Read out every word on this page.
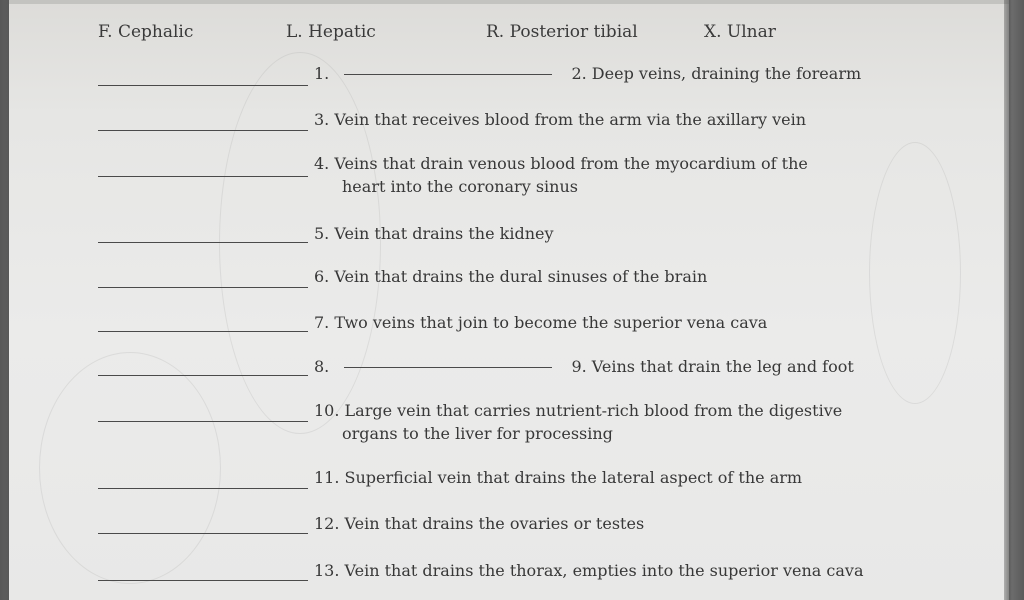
F. Cephalic	L. Hepatic	R. Posterior tibial	X. Ulnar
1.	2. Deep veins, draining the forearm
3. Vein that receives blood from the arm via the axillary vein
4. Veins that drain venous blood from the myocardium of the
heart into the coronary sinus
5. Vein that drains the kidney
6. Vein that drains the dural sinuses of the brain
7. Two veins that join to become the superior vena cava
8.	9. Veins that drain the leg and foot
10. Large vein that carries nutrient-rich blood from the digestive
organs to the liver for processing
11. Superficial vein that drains the lateral aspect of the arm
12. Vein that drains the ovaries or testes
13. Vein that drains the thorax, empties into the superior vena cava
